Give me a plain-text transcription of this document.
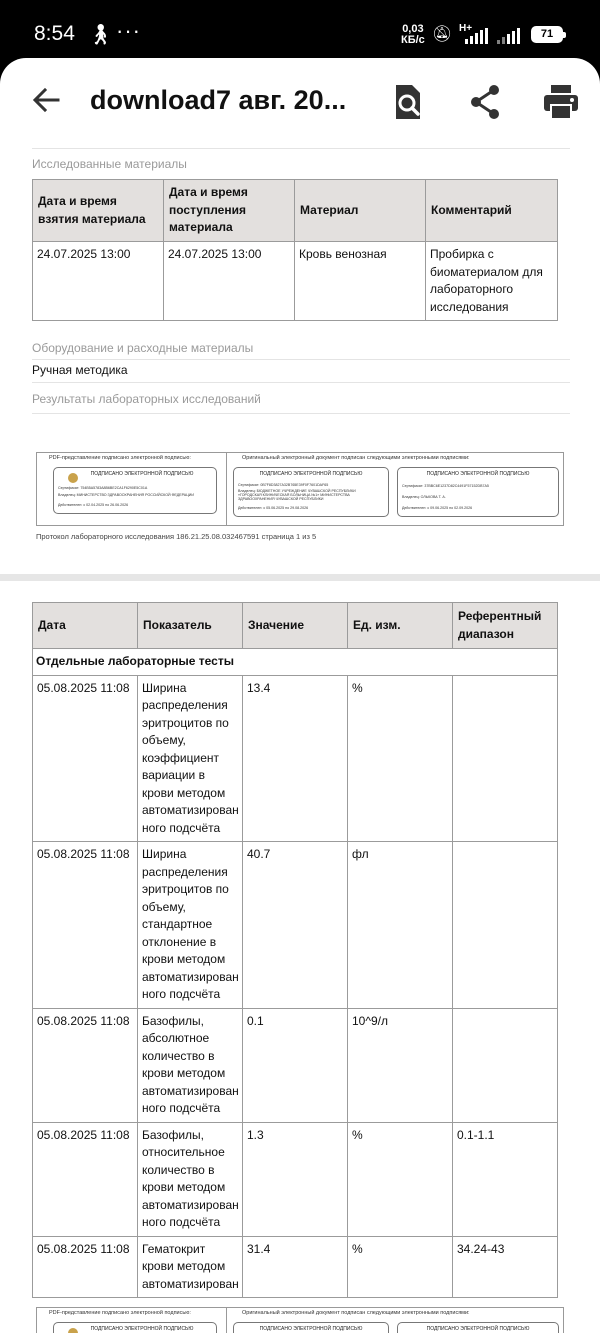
8:54 🚶︎ ···	0,03
КБ/с 🔕︎ H+	71
download7 авг. 20...
Исследованные материалы
Дата и время взятия материала	Дата и время поступления материала	Материал	Комментарий
24.07.2025 13:00	24.07.2025 13:00	Кровь венозная	Пробирка с биоматериалом для лабораторного исследования
Оборудование и расходные материалы
Ручная методика
Результаты лабораторных исследований
PDF-представление подписано электронной подписью:	Оригинальный электронный документ подписан следующими электронными подписями:
ПОДПИСАНО ЭЛЕКТРОННОЙ ПОДПИСЬЮ
Сертификат: 754B5A5783A8B6BE2CA1F6290E5C01A
Владелец: МИНИСТЕРСТВО ЗДРАВООХРАНЕНИЯ РОССИЙСКОЙ ФЕДЕРАЦИИ
Действителен: с 02.04.2025 по 26.06.2026
ПОДПИСАНО ЭЛЕКТРОННОЙ ПОДПИСЬЮ
Сертификат: 0B7F8D3827A32B765E39F0F7601DAF65
Владелец: БЮДЖЕТНОЕ УЧРЕЖДЕНИЕ ЧУВАШСКОЙ РЕСПУБЛИКИ
«ГОРОДСКАЯ КЛИНИЧЕСКАЯ БОЛЬНИЦА №1» МИНИСТЕРСТВА
ЗДРАВООХРАНЕНИЯ ЧУВАШСКОЙ РЕСПУБЛИКИ
Действителен: с 05.06.2025 по 29.08.2026
ПОДПИСАНО ЭЛЕКТРОННОЙ ПОДПИСЬЮ
Сертификат: 37BBC6E1237D82C4491F57152DB7A5
Владелец: ОЛЬКОВА Т. А.
Действителен: с 09.06.2025 по 02.09.2026
Протокол лабораторного исследования 186.21.25.08.032467591 страница 1 из 5
Дата	Показатель	Значение	Ед. изм.	Референтный диапазон
Отдельные лабораторные тесты				
05.08.2025 11:08	Ширина распределения эритроцитов по объему, коэффициент вариации в крови методом автоматизирован ного подсчёта	13.4	%	
05.08.2025 11:08	Ширина распределения эритроцитов по объему, стандартное отклонение в крови методом автоматизирован ного подсчёта	40.7	фл	
05.08.2025 11:08	Базофилы, абсолютное количество в крови методом автоматизирован ного подсчёта	0.1	10^9/л	
05.08.2025 11:08	Базофилы, относительное количество в крови методом автоматизирован ного подсчёта	1.3	%	0.1-1.1
05.08.2025 11:08	Гематокрит крови методом автоматизирован	31.4	%	34.24-43
PDF-представление подписано электронной подписью:	Оригинальный электронный документ подписан следующими электронными подписями:
ПОДПИСАНО ЭЛЕКТРОННОЙ ПОДПИСЬЮ	ПОДПИСАНО ЭЛЕКТРОННОЙ ПОДПИСЬЮ	ПОДПИСАНО ЭЛЕКТРОННОЙ ПОДПИСЬЮ
